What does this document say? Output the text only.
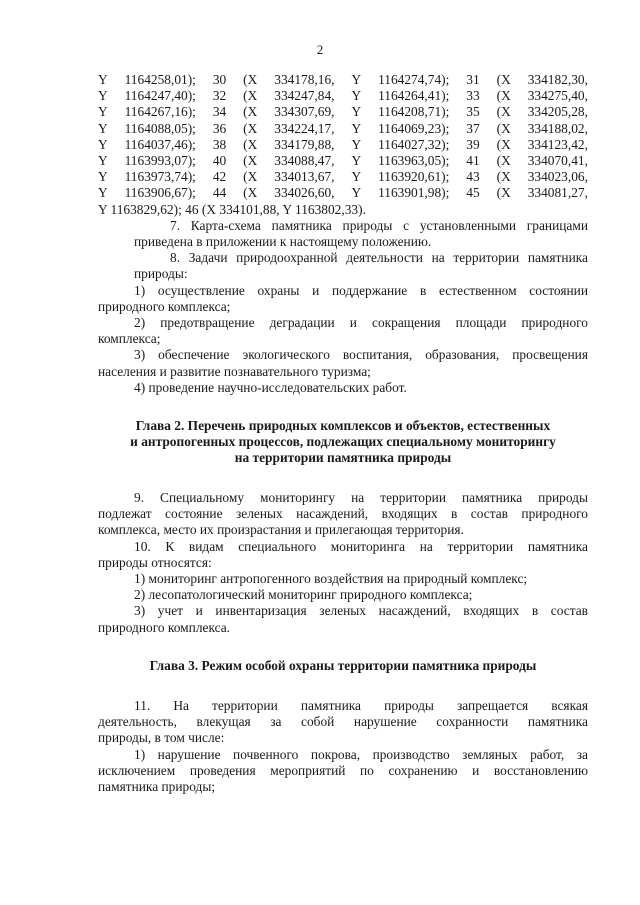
2
Y 1164258,01); 30 (X 334178,16, Y 1164274,74); 31 (X 334182,30,
Y 1164247,40); 32 (X 334247,84, Y 1164264,41); 33 (X 334275,40,
Y 1164267,16); 34 (X 334307,69, Y 1164208,71); 35 (X 334205,28,
Y 1164088,05); 36 (X 334224,17, Y 1164069,23); 37 (X 334188,02,
Y 1164037,46); 38 (X 334179,88, Y 1164027,32); 39 (X 334123,42,
Y 1163993,07); 40 (X 334088,47, Y 1163963,05); 41 (X 334070,41,
Y 1163973,74); 42 (X 334013,67, Y 1163920,61); 43 (X 334023,06,
Y 1163906,67); 44 (X 334026,60, Y 1163901,98); 45 (X 334081,27,
Y 1163829,62); 46 (X 334101,88, Y 1163802,33).
7. Карта-схема памятника природы с установленными границами
приведена в приложении к настоящему положению.
8. Задачи природоохранной деятельности на территории памятника
природы:
1) осуществление охраны и поддержание в естественном состоянии
природного комплекса;
2) предотвращение деградации и сокращения площади природного
комплекса;
3) обеспечение экологического воспитания, образования, просвещения
населения и развитие познавательного туризма;
4) проведение научно-исследовательских работ.
Глава 2. Перечень природных комплексов и объектов, естественных
и антропогенных процессов, подлежащих специальному мониторингу
на территории памятника природы
9. Специальному мониторингу на территории памятника природы
подлежат состояние зеленых насаждений, входящих в состав природного
комплекса, место их произрастания и прилегающая территория.
10. К видам специального мониторинга на территории памятника
природы относятся:
1) мониторинг антропогенного воздействия на природный комплекс;
2) лесопатологический мониторинг природного комплекса;
3) учет и инвентаризация зеленых насаждений, входящих в состав
природного комплекса.
Глава 3. Режим особой охраны территории памятника природы
11. На территории памятника природы запрещается всякая
деятельность, влекущая за собой нарушение сохранности памятника
природы, в том числе:
1) нарушение почвенного покрова, производство земляных работ, за
исключением проведения мероприятий по сохранению и восстановлению
памятника природы;
